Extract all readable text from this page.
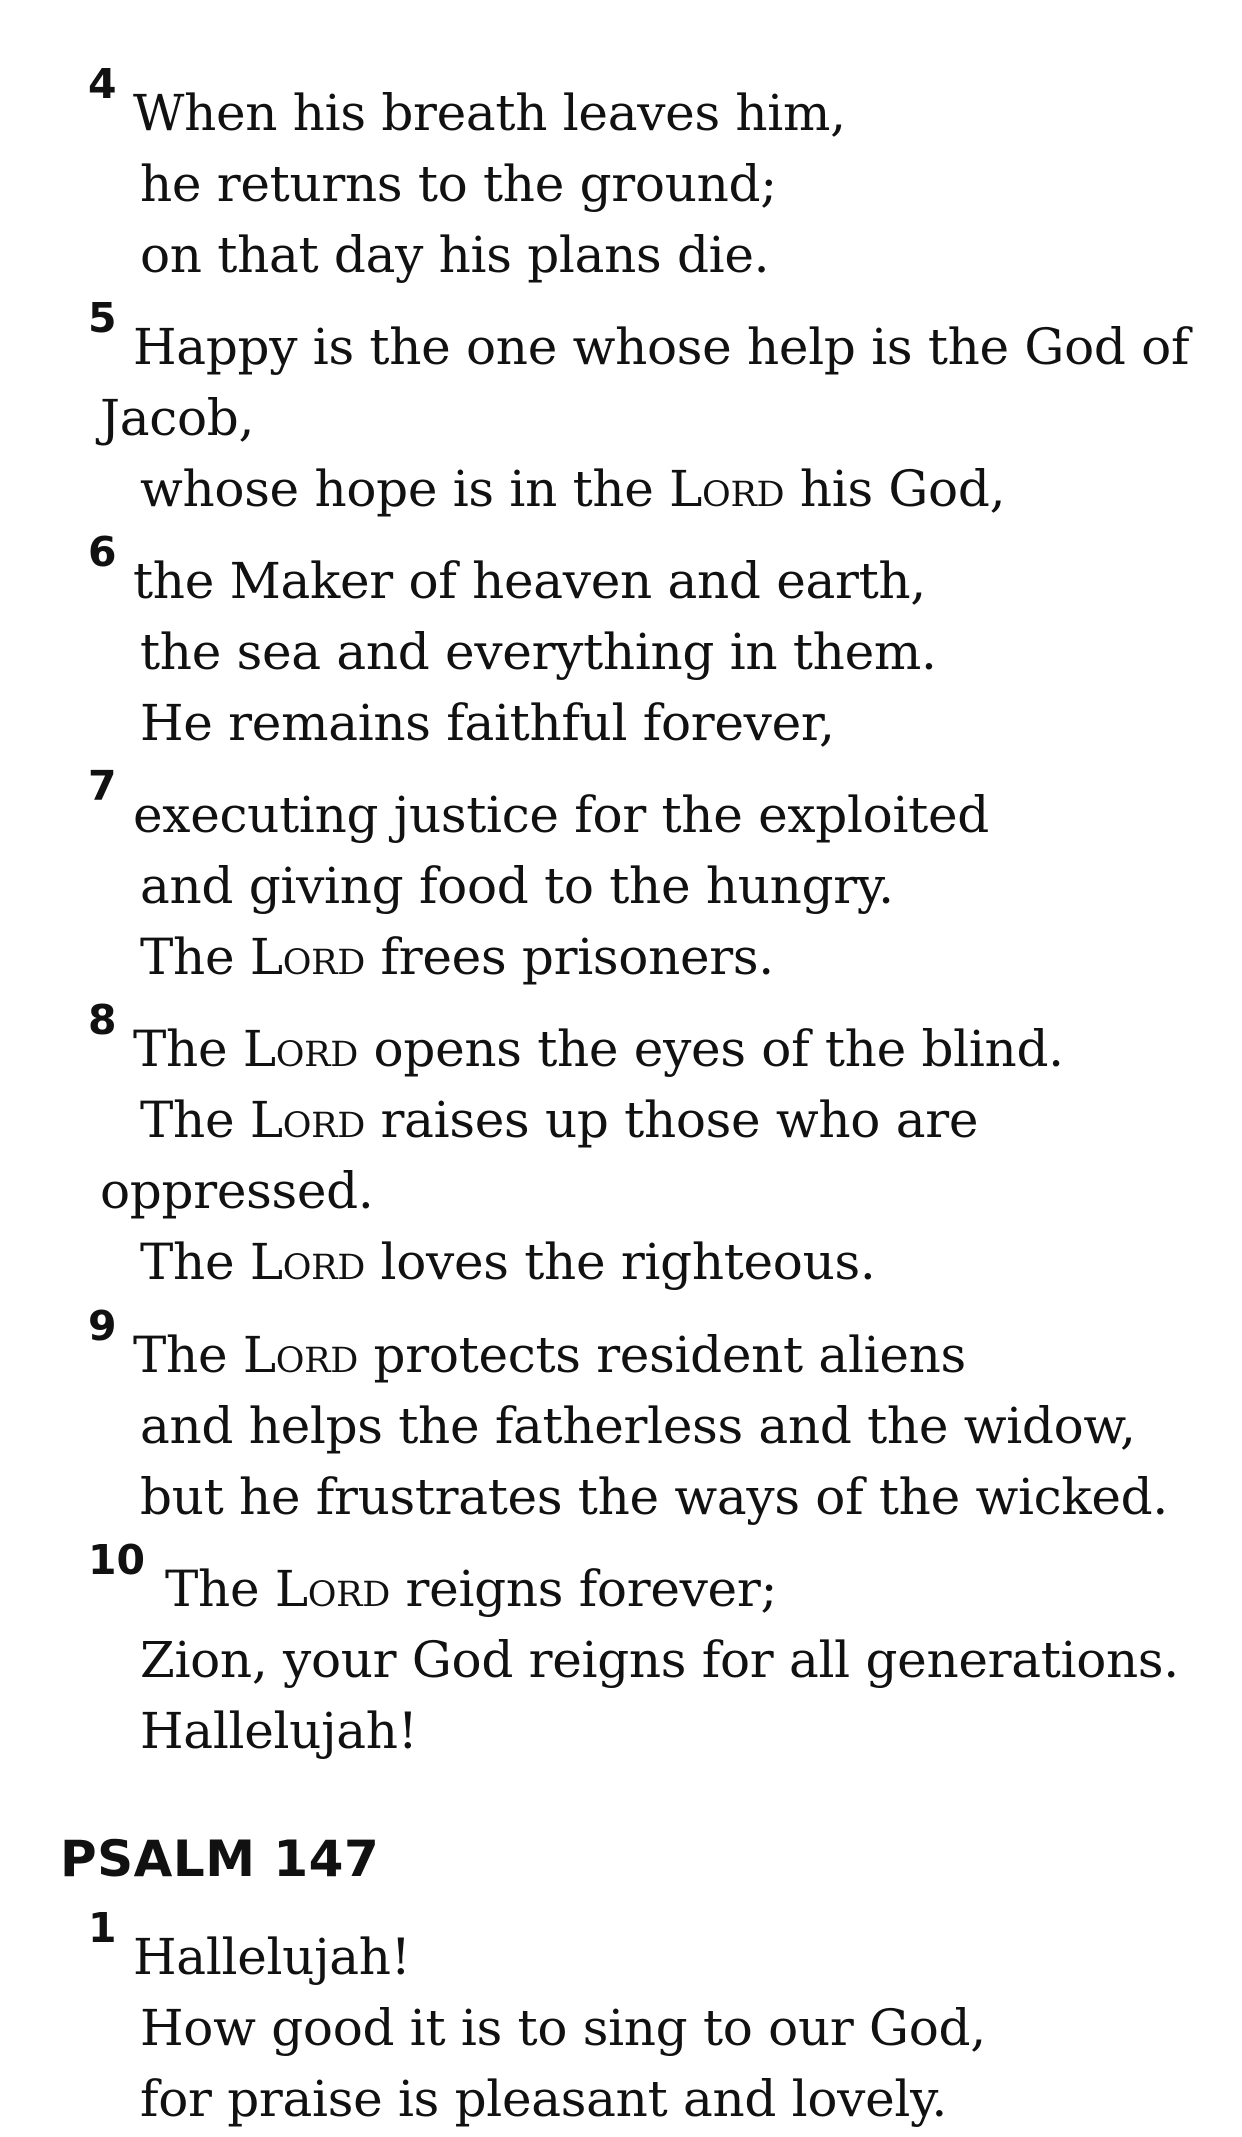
4 When his breath leaves him,
he returns to the ground;
on that day his plans die.
5 Happy is the one whose help is the God of
Jacob,
whose hope is in the Lord his God,
6 the Maker of heaven and earth,
the sea and everything in them.
He remains faithful forever,
7 executing justice for the exploited
and giving food to the hungry.
The Lord frees prisoners.
8 The Lord opens the eyes of the blind.
The Lord raises up those who are
oppressed.
The Lord loves the righteous.
9 The Lord protects resident aliens
and helps the fatherless and the widow,
but he frustrates the ways of the wicked.
10 The Lord reigns forever;
Zion, your God reigns for all generations.
Hallelujah!
PSALM 147
1 Hallelujah!
How good it is to sing to our God,
for praise is pleasant and lovely.
